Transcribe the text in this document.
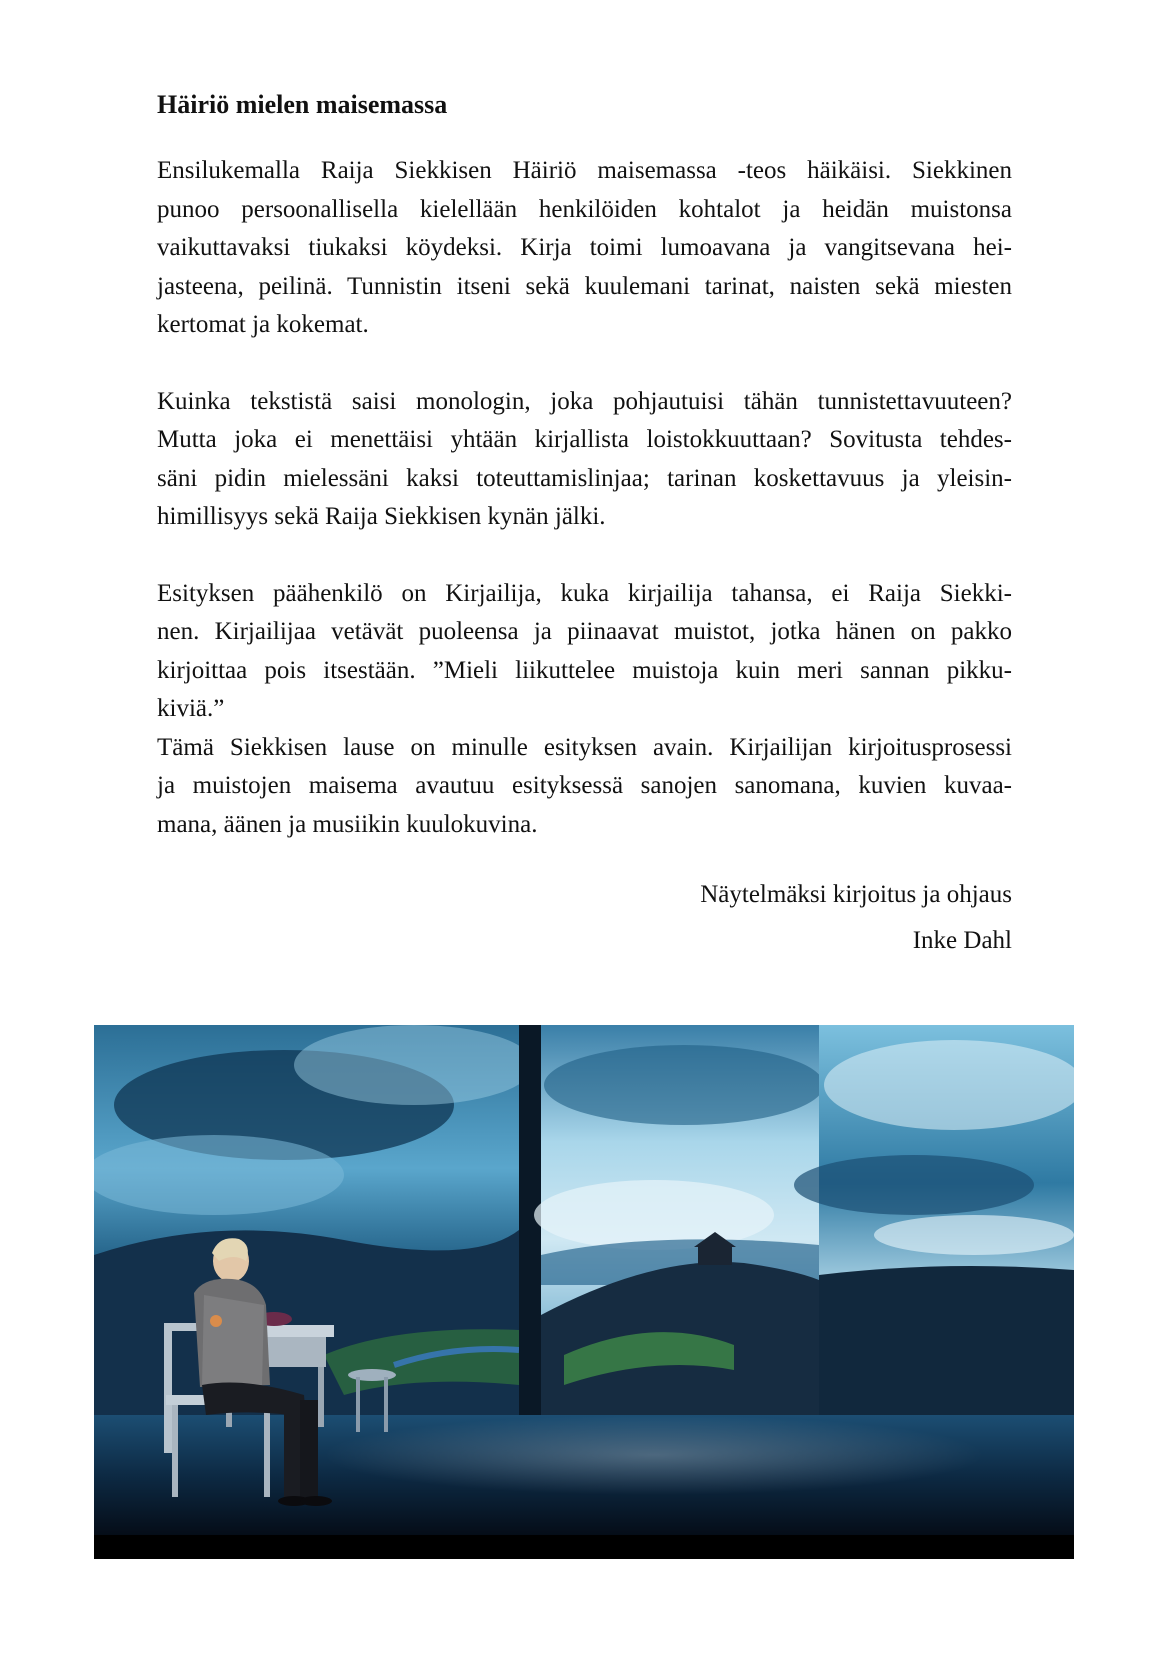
Häiriö mielen maisemassa

Ensilukemalla Raija Siekkisen Häiriö maisemassa -teos häikäisi. Siekkinen
punoo persoonallisella kielellään henkilöiden kohtalot ja heidän muistonsa
vaikuttavaksi tiukaksi köydeksi. Kirja toimi lumoavana ja vangitsevana hei-
jasteena, peilinä. Tunnistin itseni sekä kuulemani tarinat, naisten sekä miesten
kertomat ja kokemat.

Kuinka tekstistä saisi monologin, joka pohjautuisi tähän tunnistettavuuteen?
Mutta joka ei menettäisi yhtään kirjallista loistokkuuttaan? Sovitusta tehdes-
säni pidin mielessäni kaksi toteuttamislinjaa; tarinan koskettavuus ja yleisin-
himillisyys sekä Raija Siekkisen kynän jälki.

Esityksen päähenkilö on Kirjailija, kuka kirjailija tahansa, ei Raija Siekki-
nen. Kirjailijaa vetävät puoleensa ja piinaavat muistot, jotka hänen on pakko
kirjoittaa pois itsestään. ”Mieli liikuttelee muistoja kuin meri sannan pikku-
kiviä.”

Tämä Siekkisen lause on minulle esityksen avain. Kirjailijan kirjoitusprosessi
ja muistojen maisema avautuu esityksessä sanojen sanomana, kuvien kuvaa-
mana, äänen ja musiikin kuulokuvina.

Näytelmäksi kirjoitus ja ohjaus
Inke Dahl
